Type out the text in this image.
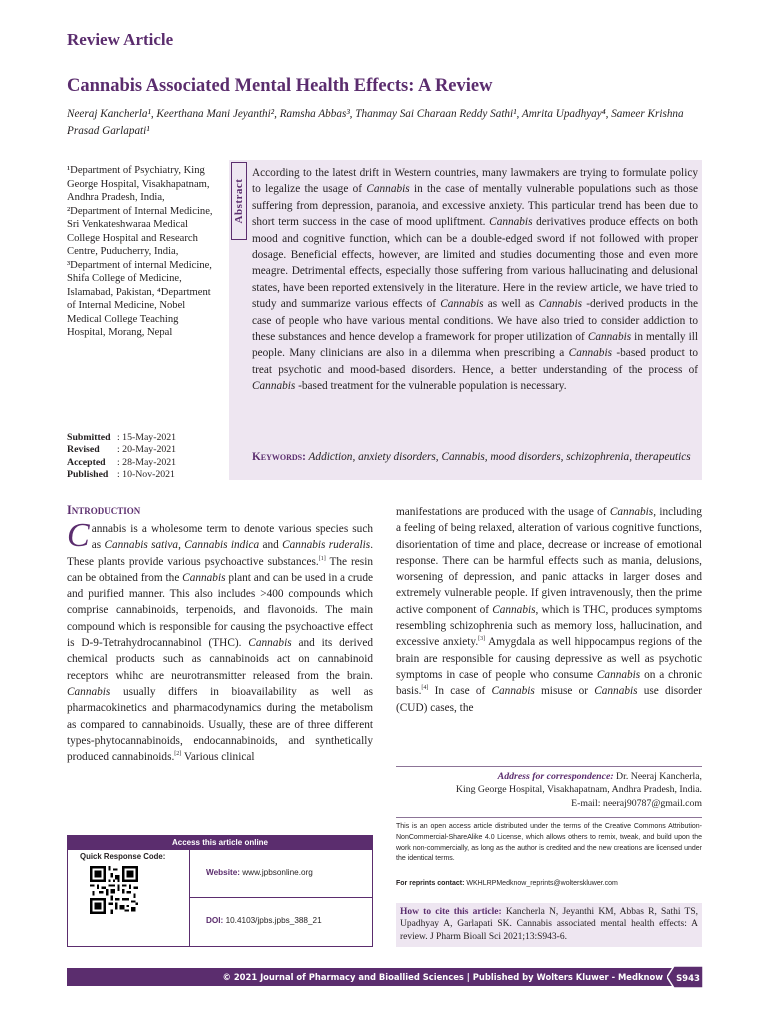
Review Article
Cannabis Associated Mental Health Effects: A Review
Neeraj Kancherla¹, Keerthana Mani Jeyanthi², Ramsha Abbas³, Thanmay Sai Charaan Reddy Sathi¹, Amrita Upadhyay⁴, Sameer Krishna Prasad Garlapati¹
¹Department of Psychiatry, King George Hospital, Visakhapatnam, Andhra Pradesh, India, ²Department of Internal Medicine, Sri Venkateshwaraa Medical College Hospital and Research Centre, Puducherry, India, ³Department of internal Medicine, Shifa College of Medicine, Islamabad, Pakistan, ⁴Department of Internal Medicine, Nobel Medical College Teaching Hospital, Morang, Nepal
Submitted : 15-May-2021
Revised	: 20-May-2021
Accepted	: 28-May-2021
Published : 10-Nov-2021
Abstract
According to the latest drift in Western countries, many lawmakers are trying to formulate policy to legalize the usage of Cannabis in the case of mentally vulnerable populations such as those suffering from depression, paranoia, and excessive anxiety. This particular trend has been due to short term success in the case of mood upliftment. Cannabis derivatives produce effects on both mood and cognitive function, which can be a double-edged sword if not followed with proper dosage. Beneficial effects, however, are limited and studies documenting those and even more meagre. Detrimental effects, especially those suffering from various hallucinating and delusional states, have been reported extensively in the literature. Here in the review article, we have tried to study and summarize various effects of Cannabis as well as Cannabis -derived products in the case of people who have various mental conditions. We have also tried to consider addiction to these substances and hence develop a framework for proper utilization of Cannabis in mentally ill people. Many clinicians are also in a dilemma when prescribing a Cannabis -based product to treat psychotic and mood-based disorders. Hence, a better understanding of the process of Cannabis -based treatment for the vulnerable population is necessary.
Keywords: Addiction, anxiety disorders, Cannabis, mood disorders, schizophrenia, therapeutics
Introduction
Cannabis is a wholesome term to denote various species such as Cannabis sativa, Cannabis indica and Cannabis ruderalis. These plants provide various psychoactive substances.[1] The resin can be obtained from the Cannabis plant and can be used in a crude and purified manner. This also includes >400 compounds which comprise cannabinoids, terpenoids, and flavonoids. The main compound which is responsible for causing the psychoactive effect is D-9-Tetrahydrocannabinol (THC). Cannabis and its derived chemical products such as cannabinoids act on cannabinoid receptors whihc are neurotransmitter released from the brain. Cannabis usually differs in bioavailability as well as pharmacokinetics and pharmacodynamics during the metabolism as compared to cannabinoids. Usually, these are of three different types-phytocannabinoids, endocannabinoids, and synthetically produced cannabinoids.[2] Various clinical
manifestations are produced with the usage of Cannabis, including a feeling of being relaxed, alteration of various cognitive functions, disorientation of time and place, decrease or increase of emotional response. There can be harmful effects such as mania, delusions, worsening of depression, and panic attacks in larger doses and extremely vulnerable people. If given intravenously, then the prime active component of Cannabis, which is THC, produces symptoms resembling schizophrenia such as memory loss, hallucination, and excessive anxiety.[3] Amygdala as well hippocampus regions of the brain are responsible for causing depressive as well as psychotic symptoms in case of people who consume Cannabis on a chronic basis.[4] In case of Cannabis misuse or Cannabis use disorder (CUD) cases, the
Address for correspondence: Dr. Neeraj Kancherla,
King George Hospital, Visakhapatnam, Andhra Pradesh, India.
E-mail: neeraj90787@gmail.com
This is an open access article distributed under the terms of the Creative Commons Attribution-NonCommercial-ShareAlike 4.0 License, which allows others to remix, tweak, and build upon the work non-commercially, as long as the author is credited and the new creations are licensed under the identical terms.
For reprints contact: WKHLRPMedknow_reprints@wolterskluwer.com
How to cite this article: Kancherla N, Jeyanthi KM, Abbas R, Sathi TS, Upadhyay A, Garlapati SK. Cannabis associated mental health effects: A review. J Pharm Bioall Sci 2021;13:S943-6.
Access this article online
Quick Response Code:
Website: www.jpbsonline.org
DOI: 10.4103/jpbs.jpbs_388_21
© 2021 Journal of Pharmacy and Bioallied Sciences | Published by Wolters Kluwer - Medknow	S943
